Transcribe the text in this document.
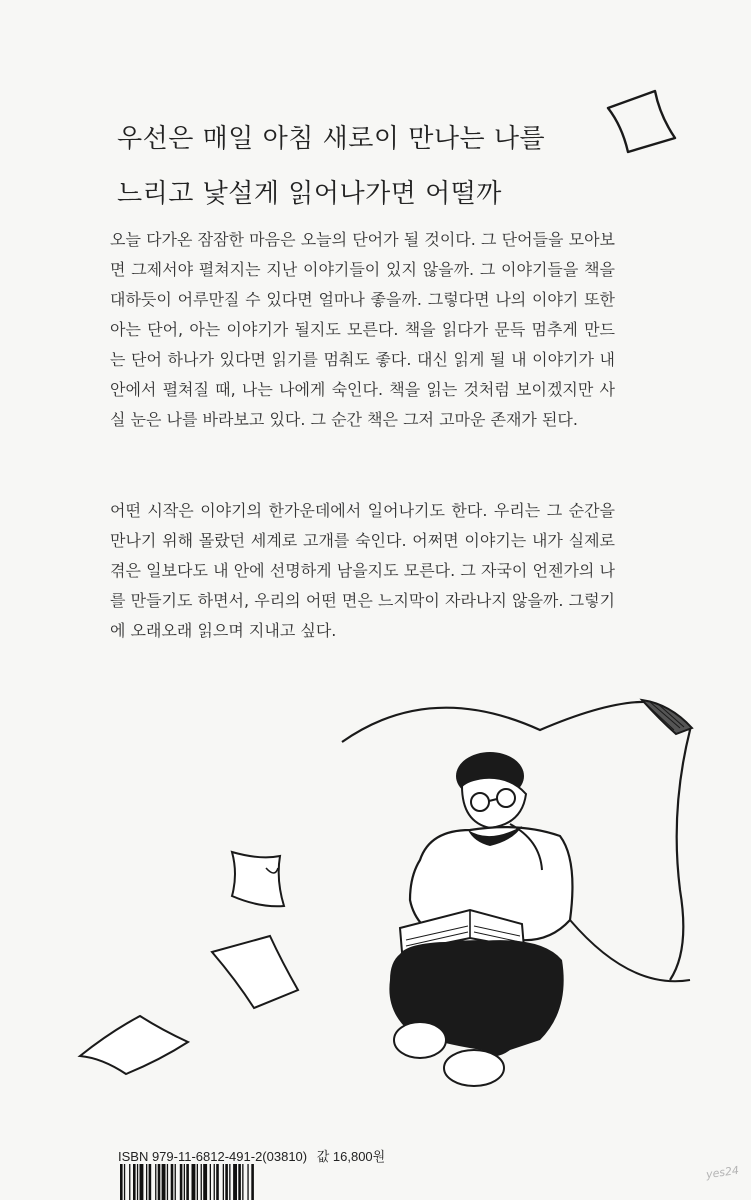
우선은 매일 아침 새로이 만나는 나를
느리고 낯설게 읽어나가면 어떨까
오늘 다가온 잠잠한 마음은 오늘의 단어가 될 것이다. 그 단어들을 모아보면 그제서야 펼쳐지는 지난 이야기들이 있지 않을까. 그 이야기들을 책을 대하듯이 어루만질 수 있다면 얼마나 좋을까. 그렇다면 나의 이야기 또한 아는 단어, 아는 이야기가 될지도 모른다. 책을 읽다가 문득 멈추게 만드는 단어 하나가 있다면 읽기를 멈춰도 좋다. 대신 읽게 될 내 이야기가 내 안에서 펼쳐질 때, 나는 나에게 숙인다. 책을 읽는 것처럼 보이겠지만 사실 눈은 나를 바라보고 있다. 그 순간 책은 그저 고마운 존재가 된다.
어떤 시작은 이야기의 한가운데에서 일어나기도 한다. 우리는 그 순간을 만나기 위해 몰랐던 세계로 고개를 숙인다. 어쩌면 이야기는 내가 실제로 겪은 일보다도 내 안에 선명하게 남을지도 모른다. 그 자국이 언젠가의 나를 만들기도 하면서, 우리의 어떤 면은 느지막이 자라나지 않을까. 그렇기에 오래오래 읽으며 지내고 싶다.
ISBN 979-11-6812-491-2(03810) 값 16,800원
yes24
